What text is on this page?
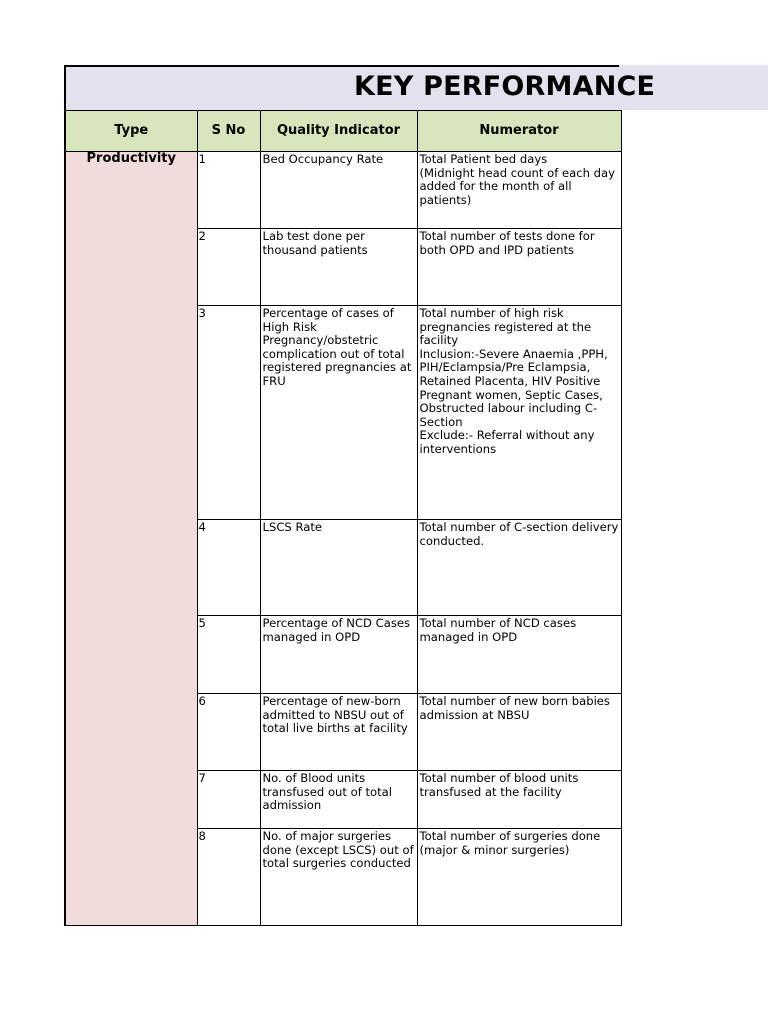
KEY PERFORMANCE
Type	S No	Quality Indicator	Numerator
Productivity	1	Bed Occupancy Rate	Total Patient bed days
(Midnight head count of each day added for the month of all patients)
	2	Lab test done per thousand patients	Total number of tests done for both OPD and IPD patients
	3	Percentage of cases of High Risk Pregnancy/obstetric complication out of total registered pregnancies at FRU	Total number of high risk pregnancies registered at the facility
Inclusion:-Severe Anaemia ,PPH, PIH/Eclampsia/Pre Eclampsia, Retained Placenta, HIV Positive Pregnant women, Septic Cases, Obstructed labour including C-Section
Exclude:- Referral without any interventions
	4	LSCS Rate	Total number of C-section delivery conducted.
	5	Percentage of NCD Cases managed in OPD	Total number of NCD cases managed in OPD
	6	Percentage of new-born admitted to NBSU out of total live births at facility	Total number of new born babies admission at NBSU
	7	No. of Blood units transfused out of total admission	Total number of blood units transfused at the facility
	8	No. of major surgeries done (except LSCS) out of total surgeries conducted	Total number of surgeries done (major & minor surgeries)
